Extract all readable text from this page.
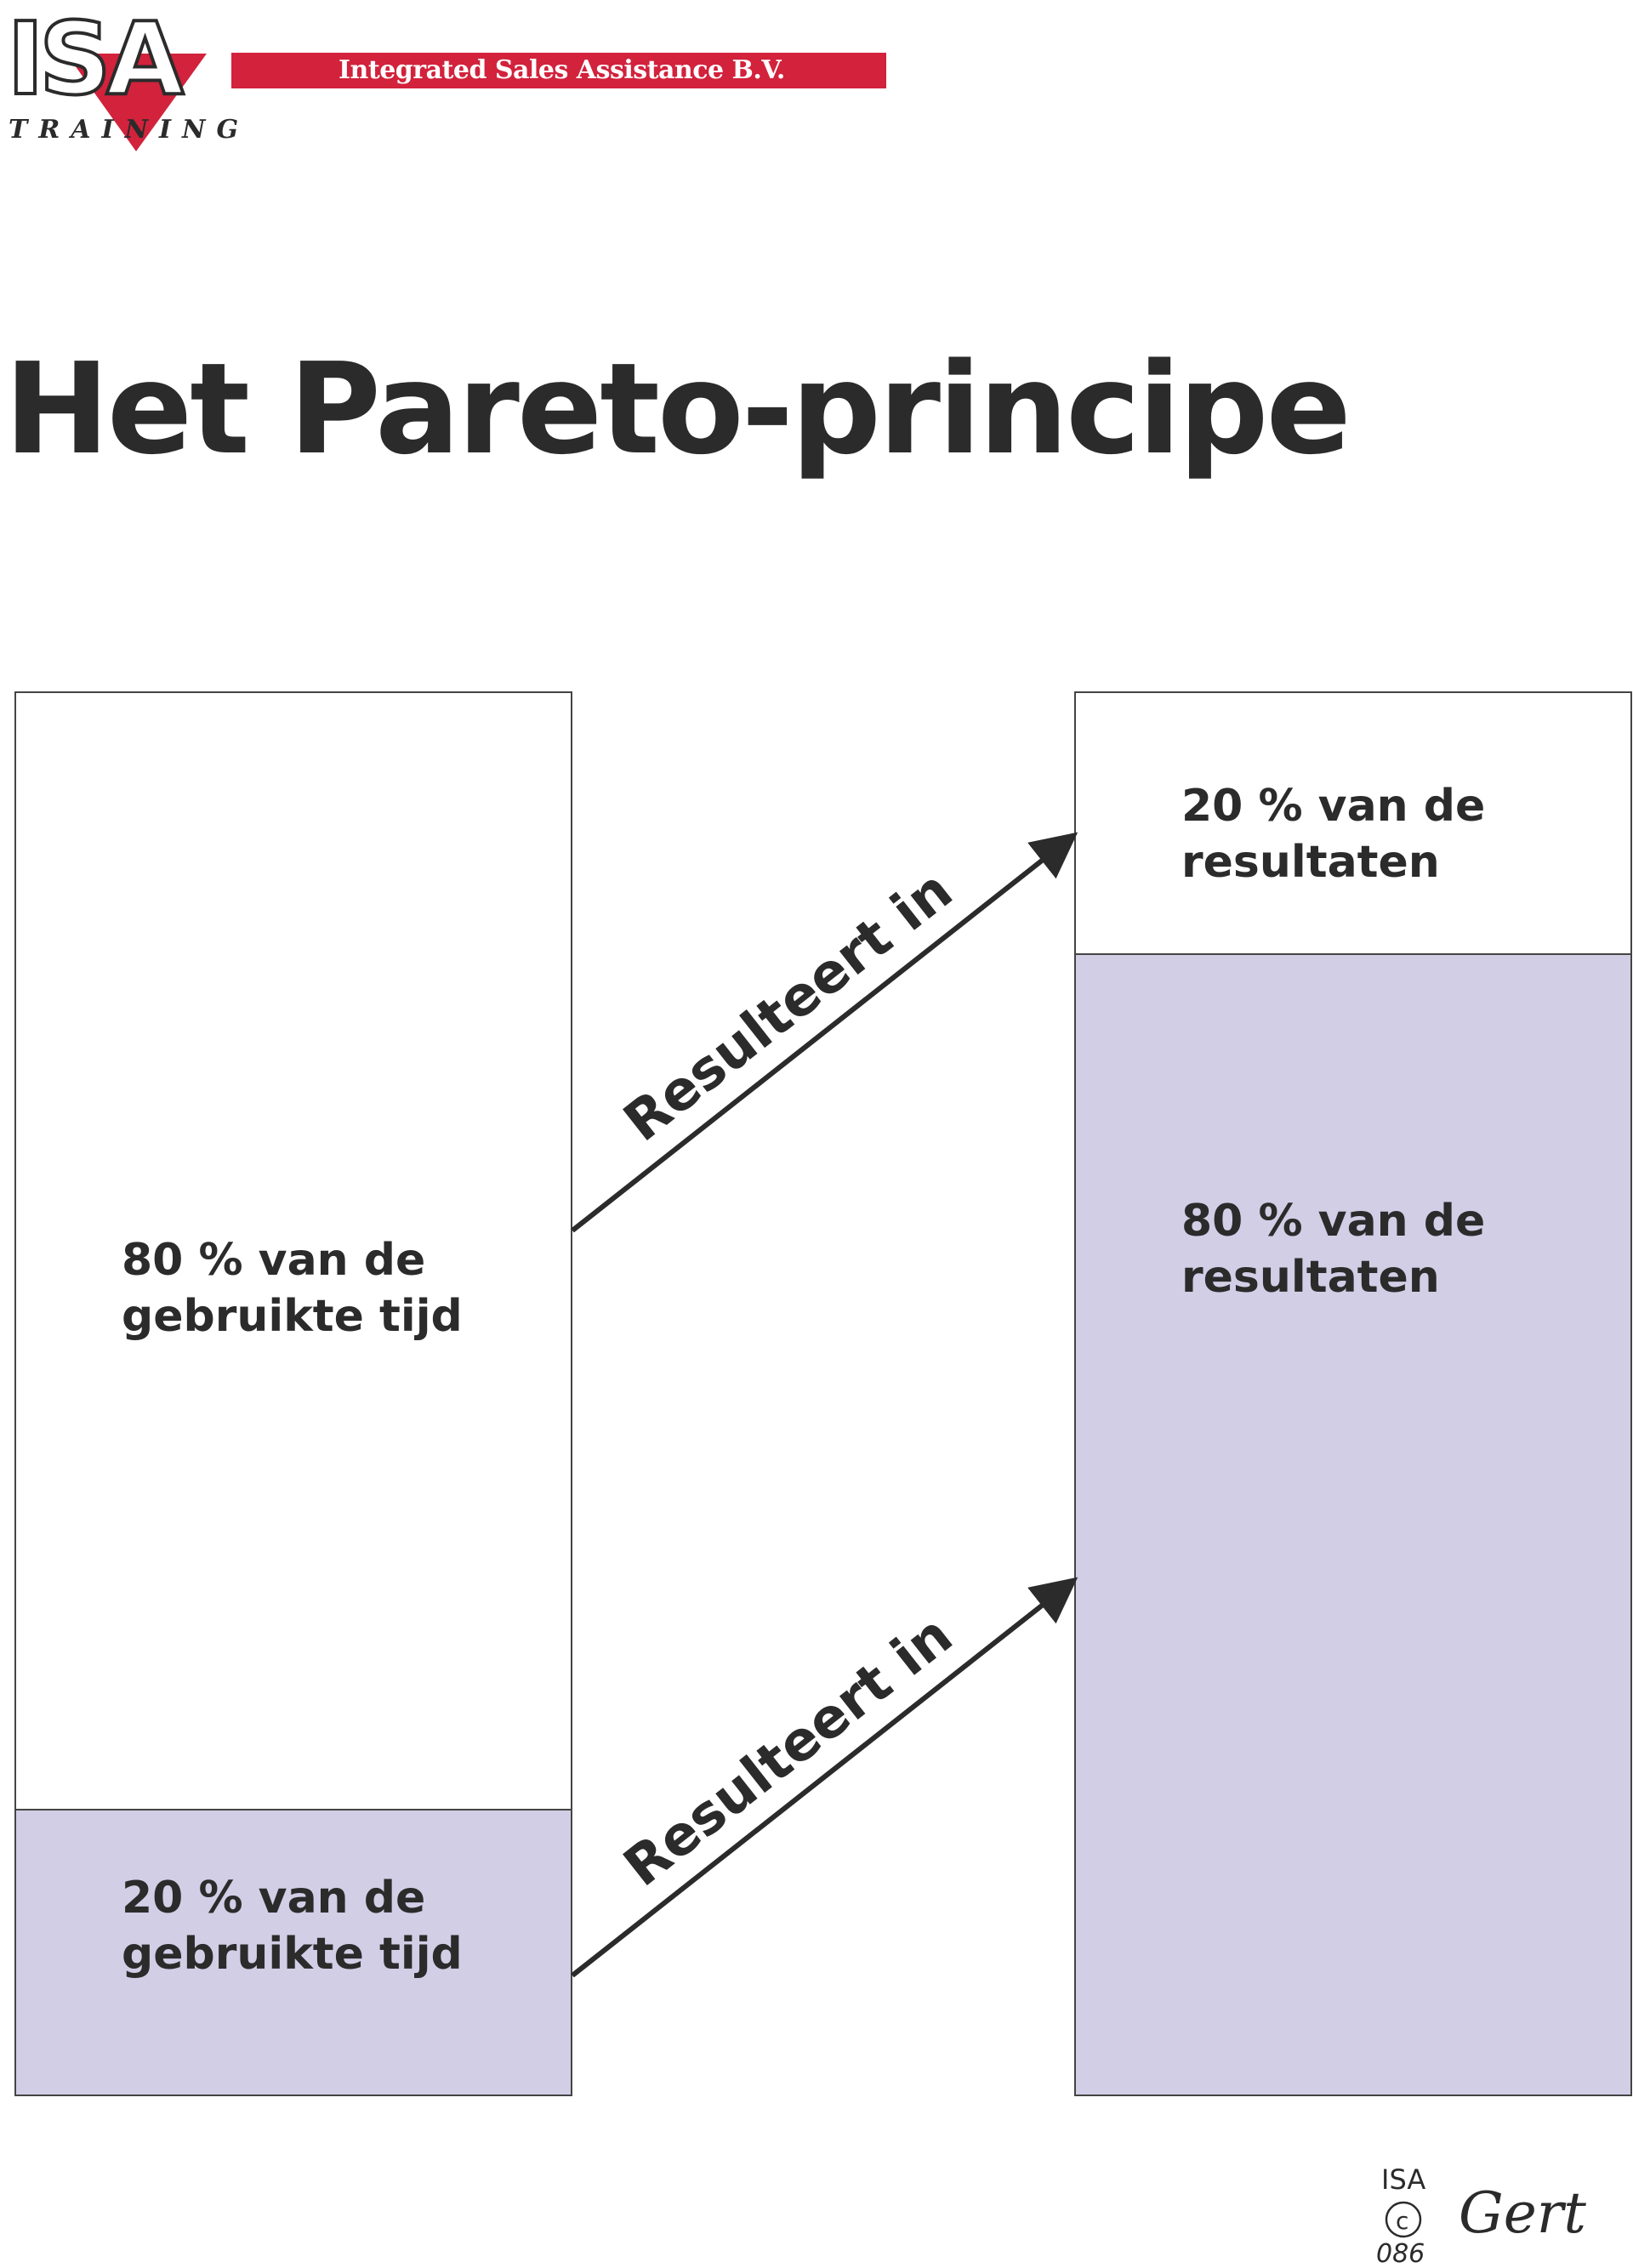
ISA
TRAINING
Integrated Sales Assistance B.V.
Het Pareto-principe
80 % van de
gebruikte tijd
20 % van de
gebruikte tijd
20 % van de
resultaten
80 % van de
resultaten
Resulteert in
Resulteert in
ISA
c
086
Gert
